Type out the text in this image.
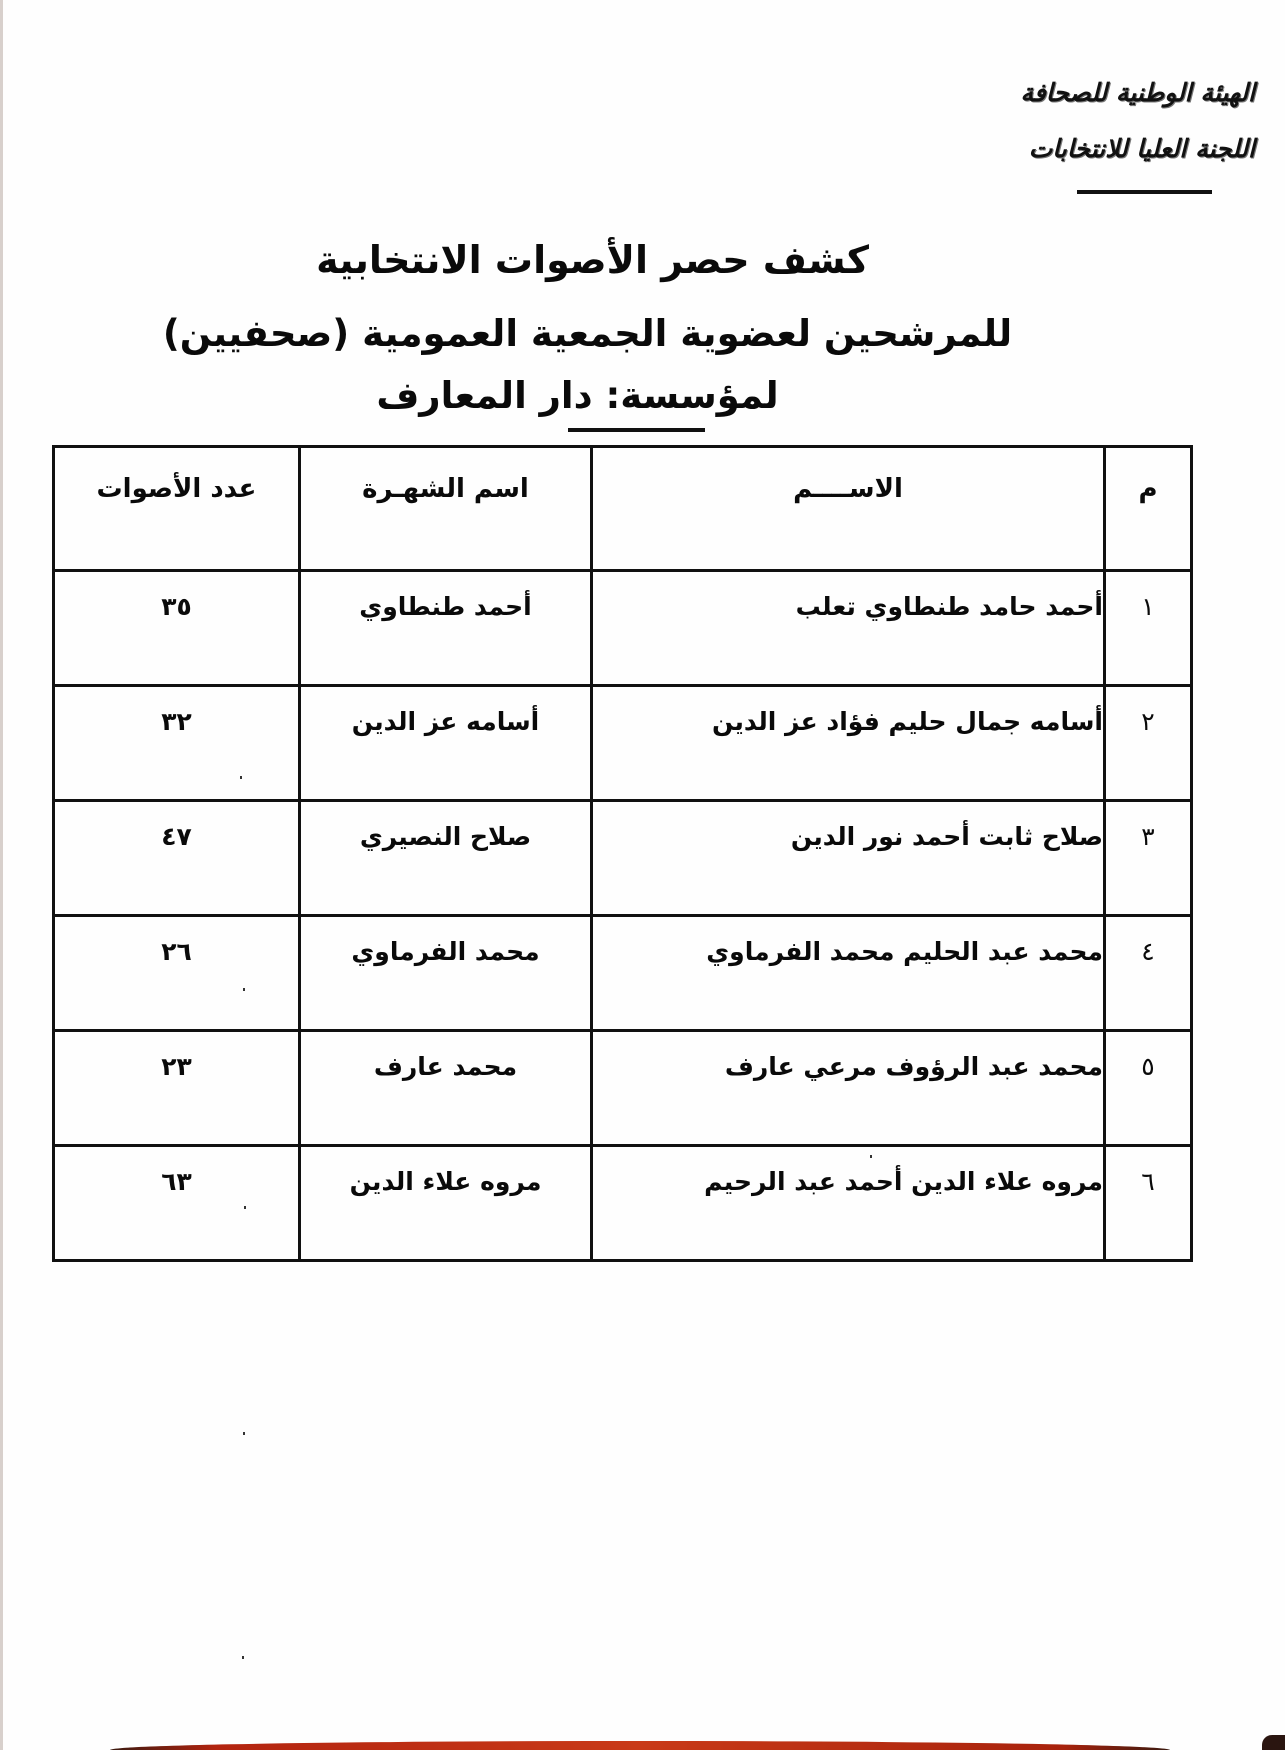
الهيئة الوطنية للصحافة
اللجنة العليا للانتخابات
كشف حصر الأصوات الانتخابية
للمرشحين لعضوية الجمعية العمومية (صحفيين)
لمؤسسة: دار المعارف
م	الاســــم	اسم الشهـرة	عدد الأصوات
١	أحمد حامد طنطاوي تعلب	أحمد طنطاوي	٣٥
٢	أسامه جمال حليم فؤاد عز الدين	أسامه عز الدين	٣٢
٣	صلاح ثابت أحمد نور الدين	صلاح النصيري	٤٧
٤	محمد عبد الحليم محمد الفرماوي	محمد الفرماوي	٢٦
٥	محمد عبد الرؤوف مرعي عارف	محمد عارف	٢٣
٦	مروه علاء الدين أحمد عبد الرحيم	مروه علاء الدين	٦٣
